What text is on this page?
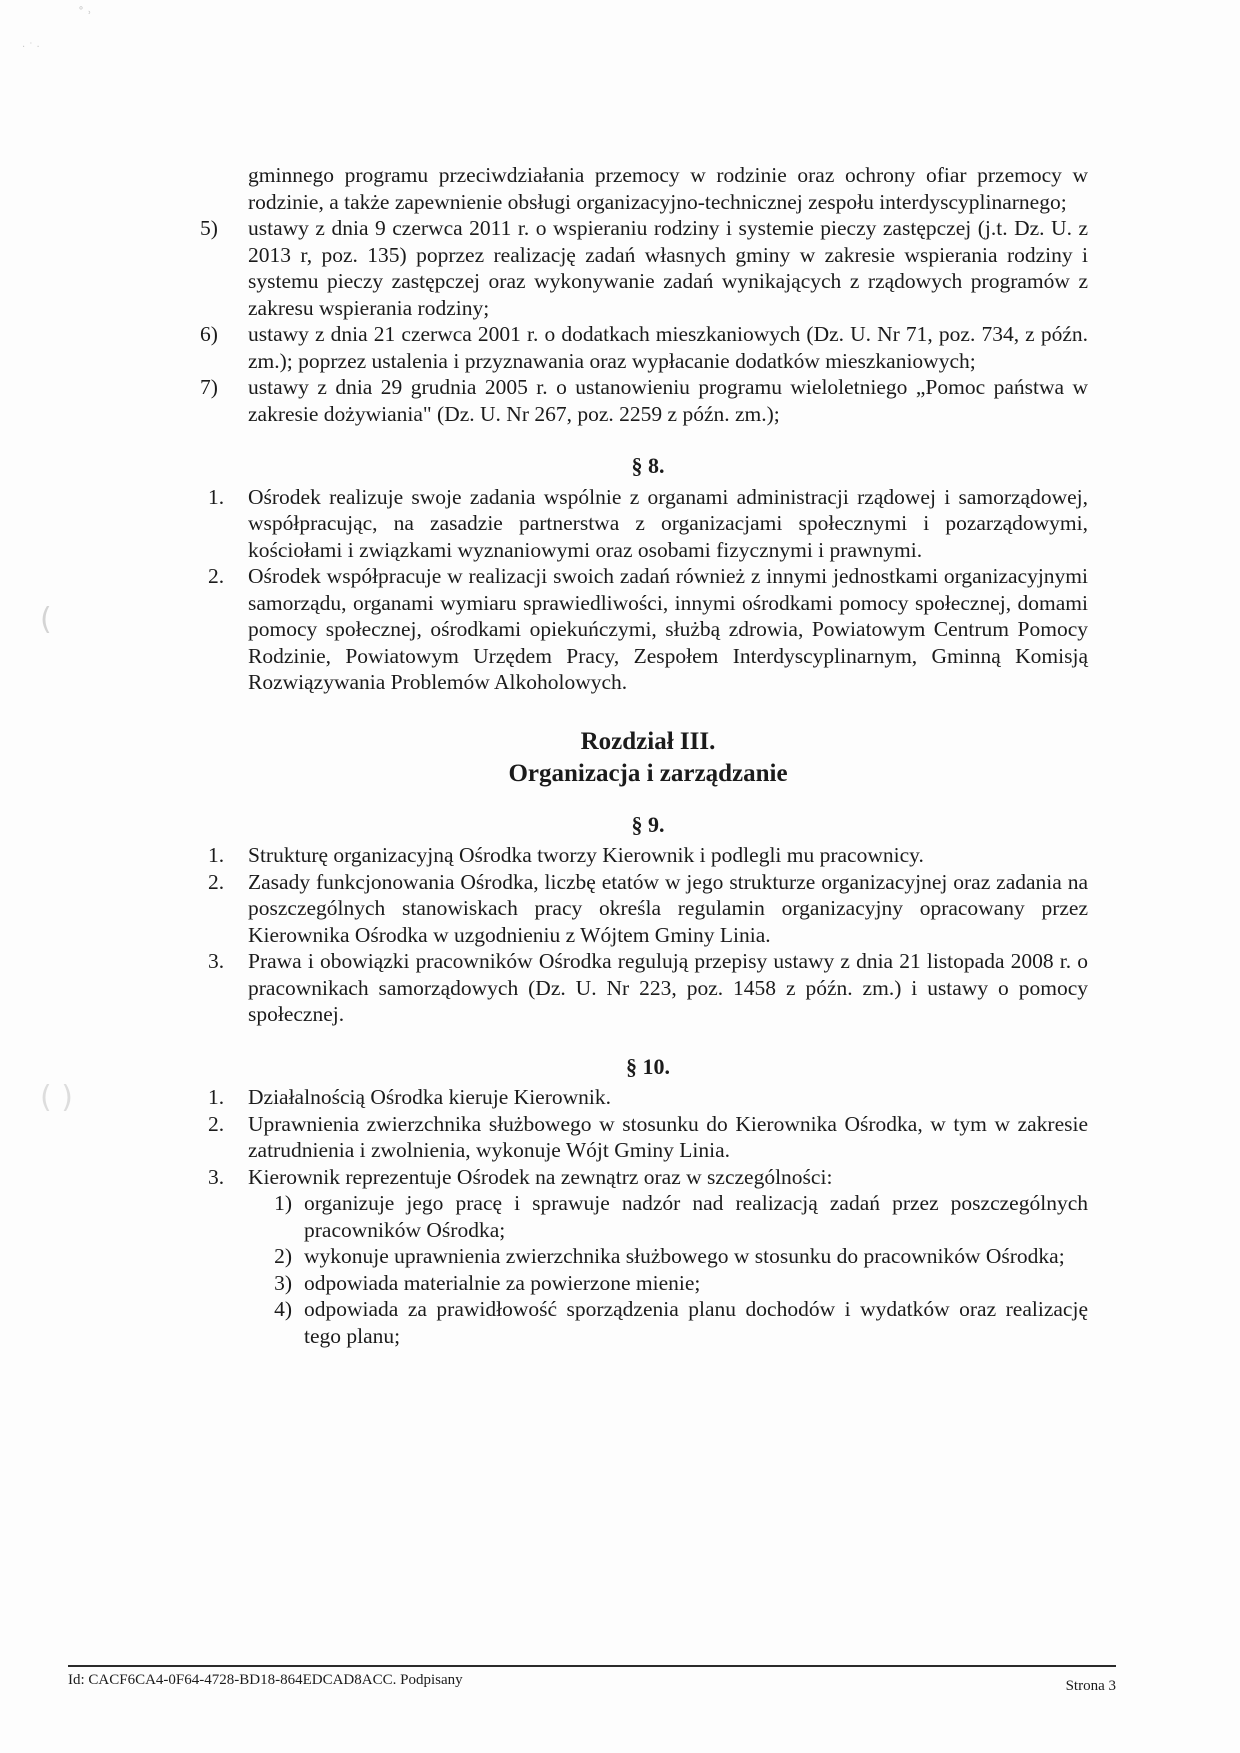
˚ ˒
· ˙ ·
(
( )
gminnego programu przeciwdziałania przemocy w rodzinie oraz ochrony ofiar przemocy w rodzinie, a także zapewnienie obsługi organizacyjno-technicznej zespołu interdyscyplinarnego;
5) ustawy z dnia 9 czerwca 2011 r. o wspieraniu rodziny i systemie pieczy zastępczej (j.t. Dz. U. z 2013 r, poz. 135) poprzez realizację zadań własnych gminy w zakresie wspierania rodziny i systemu pieczy zastępczej oraz wykonywanie zadań wynikających z rządowych programów z zakresu wspierania rodziny;
6) ustawy z dnia 21 czerwca 2001 r. o dodatkach mieszkaniowych (Dz. U. Nr 71, poz. 734, z późn. zm.); poprzez ustalenia i przyznawania oraz wypłacanie dodatków mieszkaniowych;
7) ustawy z dnia 29 grudnia 2005 r. o ustanowieniu programu wieloletniego „Pomoc państwa w zakresie dożywiania" (Dz. U. Nr 267, poz. 2259 z późn. zm.);
§ 8.
1. Ośrodek realizuje swoje zadania wspólnie z organami administracji rządowej i samorządowej, współpracując, na zasadzie partnerstwa z organizacjami społecznymi i pozarządowymi, kościołami i związkami wyznaniowymi oraz osobami fizycznymi i prawnymi.
2. Ośrodek współpracuje w realizacji swoich zadań również z innymi jednostkami organizacyjnymi samorządu, organami wymiaru sprawiedliwości, innymi ośrodkami pomocy społecznej, domami pomocy społecznej, ośrodkami opiekuńczymi, służbą zdrowia, Powiatowym Centrum Pomocy Rodzinie, Powiatowym Urzędem Pracy, Zespołem Interdyscyplinarnym, Gminną Komisją Rozwiązywania Problemów Alkoholowych.
Rozdział III.
Organizacja i zarządzanie
§ 9.
1. Strukturę organizacyjną Ośrodka tworzy Kierownik i podlegli mu pracownicy.
2. Zasady funkcjonowania Ośrodka, liczbę etatów w jego strukturze organizacyjnej oraz zadania na poszczególnych stanowiskach pracy określa regulamin organizacyjny opracowany przez Kierownika Ośrodka w uzgodnieniu z Wójtem Gminy Linia.
3. Prawa i obowiązki pracowników Ośrodka regulują przepisy ustawy z dnia 21 listopada 2008 r. o pracownikach samorządowych (Dz. U. Nr 223, poz. 1458 z późn. zm.) i ustawy o pomocy społecznej.
§ 10.
1. Działalnością Ośrodka kieruje Kierownik.
2. Uprawnienia zwierzchnika służbowego w stosunku do Kierownika Ośrodka, w tym w zakresie zatrudnienia i zwolnienia, wykonuje Wójt Gminy Linia.
3. Kierownik reprezentuje Ośrodek na zewnątrz oraz w szczególności:
1) organizuje jego pracę i sprawuje nadzór nad realizacją zadań przez poszczególnych pracowników Ośrodka;
2) wykonuje uprawnienia zwierzchnika służbowego w stosunku do pracowników Ośrodka;
3) odpowiada materialnie za powierzone mienie;
4) odpowiada za prawidłowość sporządzenia planu dochodów i wydatków oraz realizację tego planu;
Id: CACF6CA4-0F64-4728-BD18-864EDCAD8ACC. Podpisany	Strona 3
